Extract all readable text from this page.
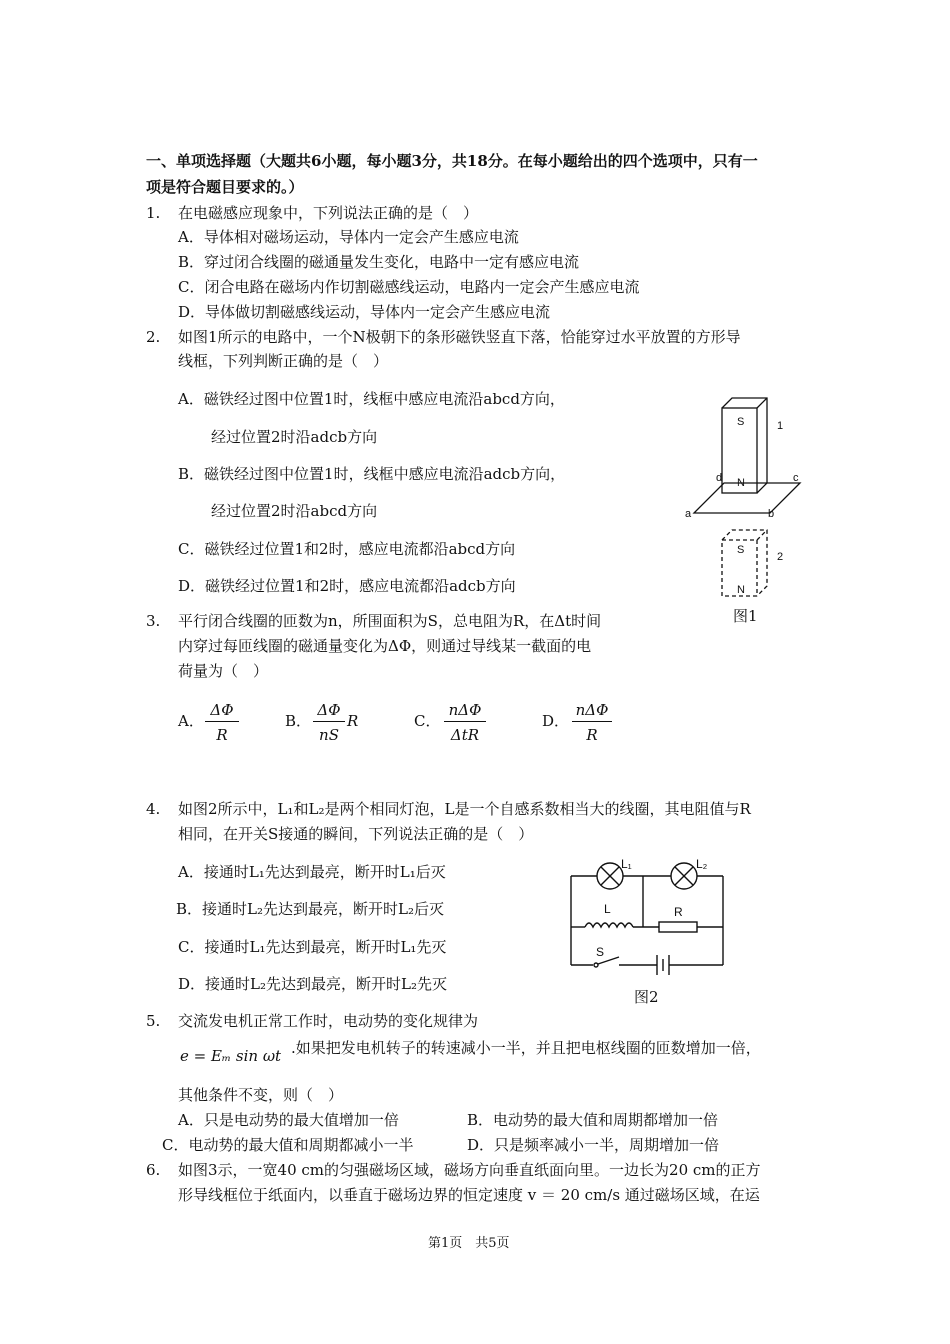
一、单项选择题（大题共6小题，每小题3分，共18分。在每小题给出的四个选项中，只有一
项是符合题目要求的。）
1. 在电磁感应现象中，下列说法正确的是（　）
A．导体相对磁场运动，导体内一定会产生感应电流
B．穿过闭合线圈的磁通量发生变化，电路中一定有感应电流
C．闭合电路在磁场内作切割磁感线运动，电路内一定会产生感应电流
D．导体做切割磁感线运动，导体内一定会产生感应电流
2. 如图1所示的电路中，一个N极朝下的条形磁铁竖直下落，恰能穿过水平放置的方形导
线框，下列判断正确的是（　）
A．磁铁经过图中位置1时，线框中感应电流沿abcd方向，
经过位置2时沿adcb方向
B．磁铁经过图中位置1时，线框中感应电流沿adcb方向，
经过位置2时沿abcd方向
C．磁铁经过位置1和2时，感应电流都沿abcd方向
D．磁铁经过位置1和2时，感应电流都沿adcb方向
S
N
1
d	c
a	b
S
2
N
图1
3. 平行闭合线圈的匝数为n，所围面积为S，总电阻为R，在Δt时间
内穿过每匝线圈的磁通量变化为ΔΦ，则通过导线某一截面的电
荷量为（　）
A． $\frac{\Delta\Phi}{R}$	B． $\frac{\Delta\Phi}{nS}$ R	C．
nΔΦ
ΔtR
D．
nΔΦ
R
4. 如图2所示中，L₁和L₂是两个相同灯泡，L是一个自感系数相当大的线圈，其电阻值与R
相同，在开关S接通的瞬间，下列说法正确的是（　）
A．接通时L₁先达到最亮，断开时L₁后灭
B．接通时L₂先达到最亮，断开时L₂后灭
C．接通时L₁先达到最亮，断开时L₁先灭
D．接通时L₂先达到最亮，断开时L₂先灭
L₁	L₂
L	R
S
图2
5. 交流发电机正常工作时，电动势的变化规律为
e = Eₘ sin ωt .如果把发电机转子的转速减小一半，并且把电枢线圈的匝数增加一倍，
其他条件不变，则（　）
A．只是电动势的最大值增加一倍	B．电动势的最大值和周期都增加一倍
C．电动势的最大值和周期都减小一半	D．只是频率减小一半，周期增加一倍
6. 如图3示，一宽40 cm的匀强磁场区域，磁场方向垂直纸面向里。一边长为20 cm的正方
形导线框位于纸面内，以垂直于磁场边界的恒定速度 v ＝ 20 cm/s 通过磁场区域，在运
第1页　共5页
